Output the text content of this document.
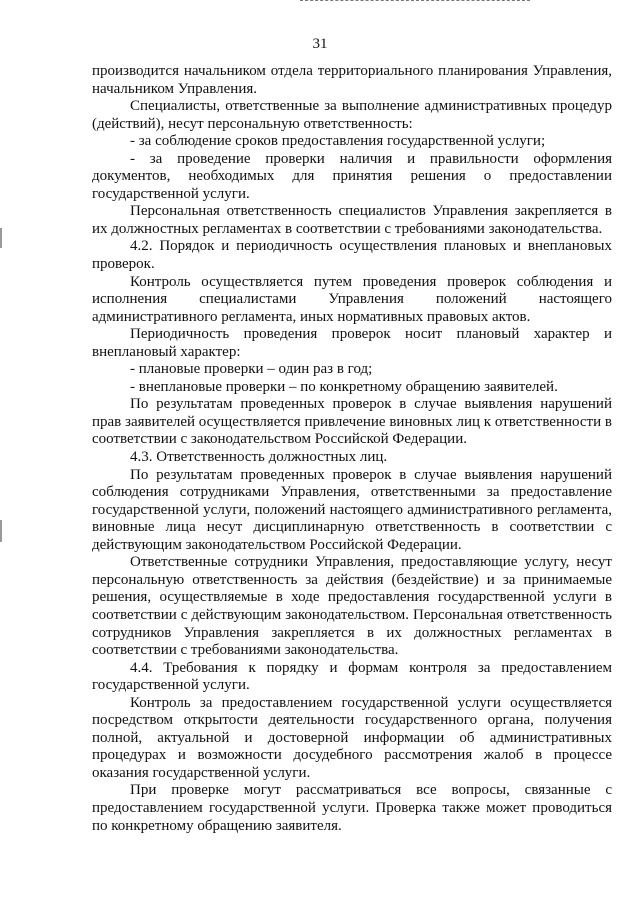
31

производится начальником отдела территориального планирования Управления, начальником Управления.

Специалисты, ответственные за выполнение административных процедур (действий), несут персональную ответственность:

- за соблюдение сроков предоставления государственной услуги;

- за проведение проверки наличия и правильности оформления документов, необходимых для принятия решения о предоставлении государственной услуги.

Персональная ответственность специалистов Управления закрепляется в их должностных регламентах в соответствии с требованиями законодательства.

4.2. Порядок и периодичность осуществления плановых и внеплановых проверок.

Контроль осуществляется путем проведения проверок соблюдения и исполнения специалистами Управления положений настоящего административного регламента, иных нормативных правовых актов.

Периодичность проведения проверок носит плановый характер и внеплановый характер:

- плановые проверки – один раз в год;

- внеплановые проверки – по конкретному обращению заявителей.

По результатам проведенных проверок в случае выявления нарушений прав заявителей осуществляется привлечение виновных лиц к ответственности в соответствии с законодательством Российской Федерации.

4.3. Ответственность должностных лиц.

По результатам проведенных проверок в случае выявления нарушений соблюдения сотрудниками Управления, ответственными за предоставление государственной услуги, положений настоящего административного регламента, виновные лица несут дисциплинарную ответственность в соответствии с действующим законодательством Российской Федерации.

Ответственные сотрудники Управления, предоставляющие услугу, несут персональную ответственность за действия (бездействие) и за принимаемые решения, осуществляемые в ходе предоставления государственной услуги в соответствии с действующим законодательством. Персональная ответственность сотрудников Управления закрепляется в их должностных регламентах в соответствии с требованиями законодательства.

4.4. Требования к порядку и формам контроля за предоставлением государственной услуги.

Контроль за предоставлением государственной услуги осуществляется посредством открытости деятельности государственного органа, получения полной, актуальной и достоверной информации об административных процедурах и возможности досудебного рассмотрения жалоб в процессе оказания государственной услуги.

При проверке могут рассматриваться все вопросы, связанные с предоставлением государственной услуги. Проверка также может проводиться по конкретному обращению заявителя.
